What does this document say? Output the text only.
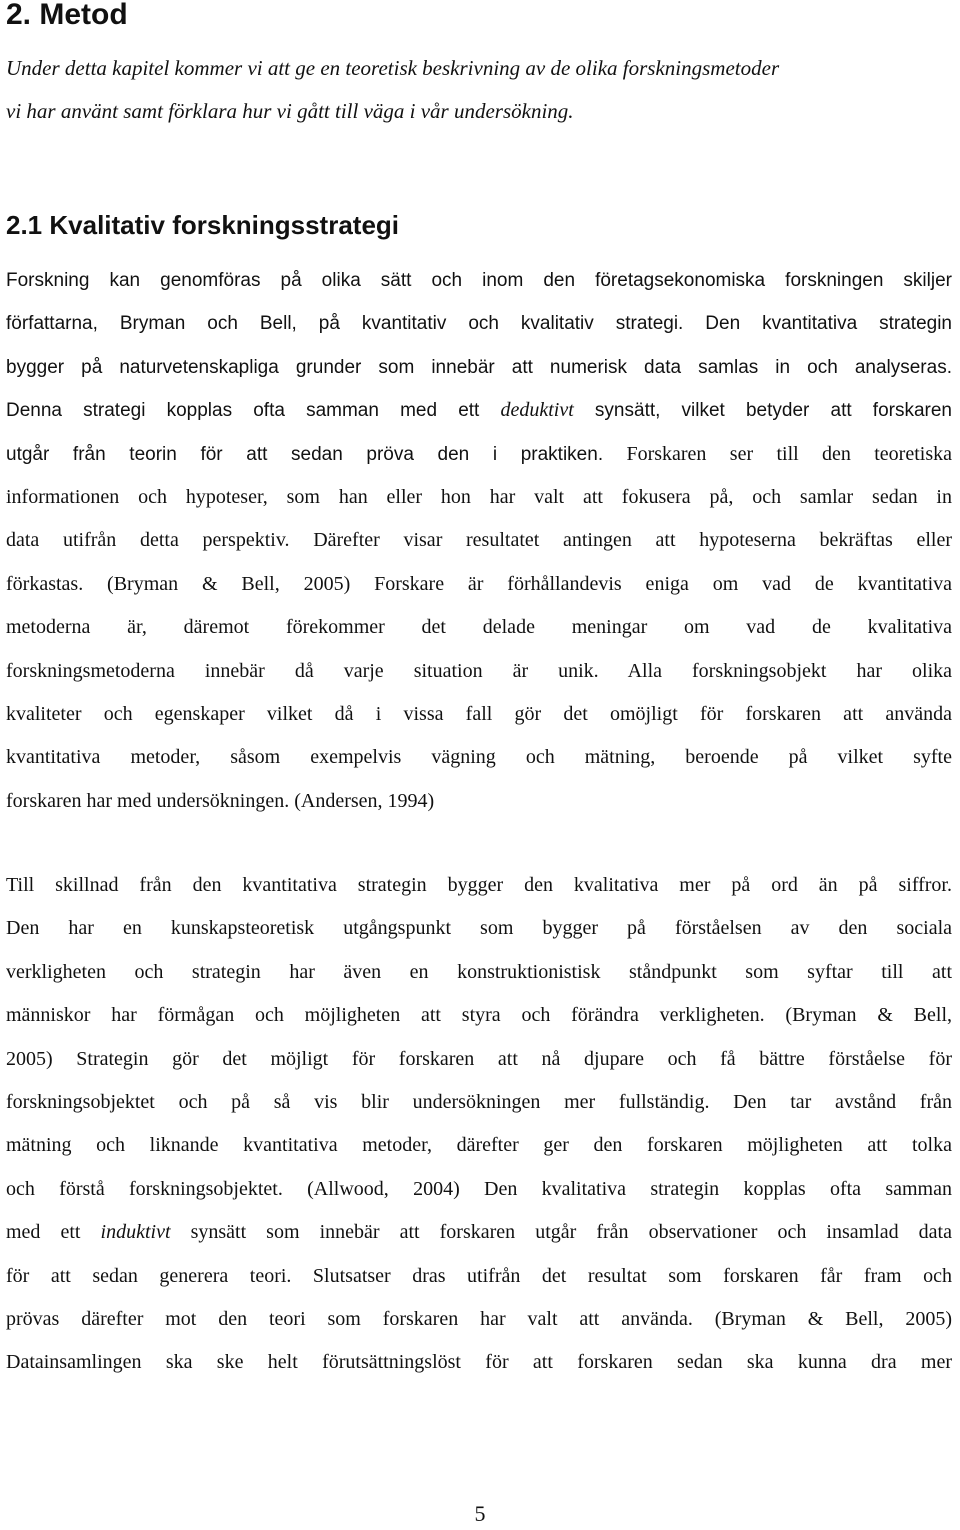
2. Metod
Under detta kapitel kommer vi att ge en teoretisk beskrivning av de olika forskningsmetoder
vi har använt samt förklara hur vi gått till väga i vår undersökning.
2.1 Kvalitativ forskningsstrategi
Forskning kan genomföras på olika sätt och inom den företagsekonomiska forskningen skiljer
författarna, Bryman och Bell, på kvantitativ och kvalitativ strategi. Den kvantitativa strategin
bygger på naturvetenskapliga grunder som innebär att numerisk data samlas in och analyseras.
Denna strategi kopplas ofta samman med ett deduktivt synsätt, vilket betyder att forskaren
utgår från teorin för att sedan pröva den i praktiken. Forskaren ser till den teoretiska
informationen och hypoteser, som han eller hon har valt att fokusera på, och samlar sedan in
data utifrån detta perspektiv. Därefter visar resultatet antingen att hypoteserna bekräftas eller
förkastas. (Bryman & Bell, 2005) Forskare är förhållandevis eniga om vad de kvantitativa
metoderna är, däremot förekommer det delade meningar om vad de kvalitativa
forskningsmetoderna innebär då varje situation är unik. Alla forskningsobjekt har olika
kvaliteter och egenskaper vilket då i vissa fall gör det omöjligt för forskaren att använda
kvantitativa metoder, såsom exempelvis vägning och mätning, beroende på vilket syfte
forskaren har med undersökningen. (Andersen, 1994)
Till skillnad från den kvantitativa strategin bygger den kvalitativa mer på ord än på siffror.
Den har en kunskapsteoretisk utgångspunkt som bygger på förståelsen av den sociala
verkligheten och strategin har även en konstruktionistisk ståndpunkt som syftar till att
människor har förmågan och möjligheten att styra och förändra verkligheten. (Bryman & Bell,
2005) Strategin gör det möjligt för forskaren att nå djupare och få bättre förståelse för
forskningsobjektet och på så vis blir undersökningen mer fullständig. Den tar avstånd från
mätning och liknande kvantitativa metoder, därefter ger den forskaren möjligheten att tolka
och förstå forskningsobjektet. (Allwood, 2004) Den kvalitativa strategin kopplas ofta samman
med ett induktivt synsätt som innebär att forskaren utgår från observationer och insamlad data
för att sedan generera teori. Slutsatser dras utifrån det resultat som forskaren får fram och
prövas därefter mot den teori som forskaren har valt att använda. (Bryman & Bell, 2005)
Datainsamlingen ska ske helt förutsättningslöst för att forskaren sedan ska kunna dra mer
5
